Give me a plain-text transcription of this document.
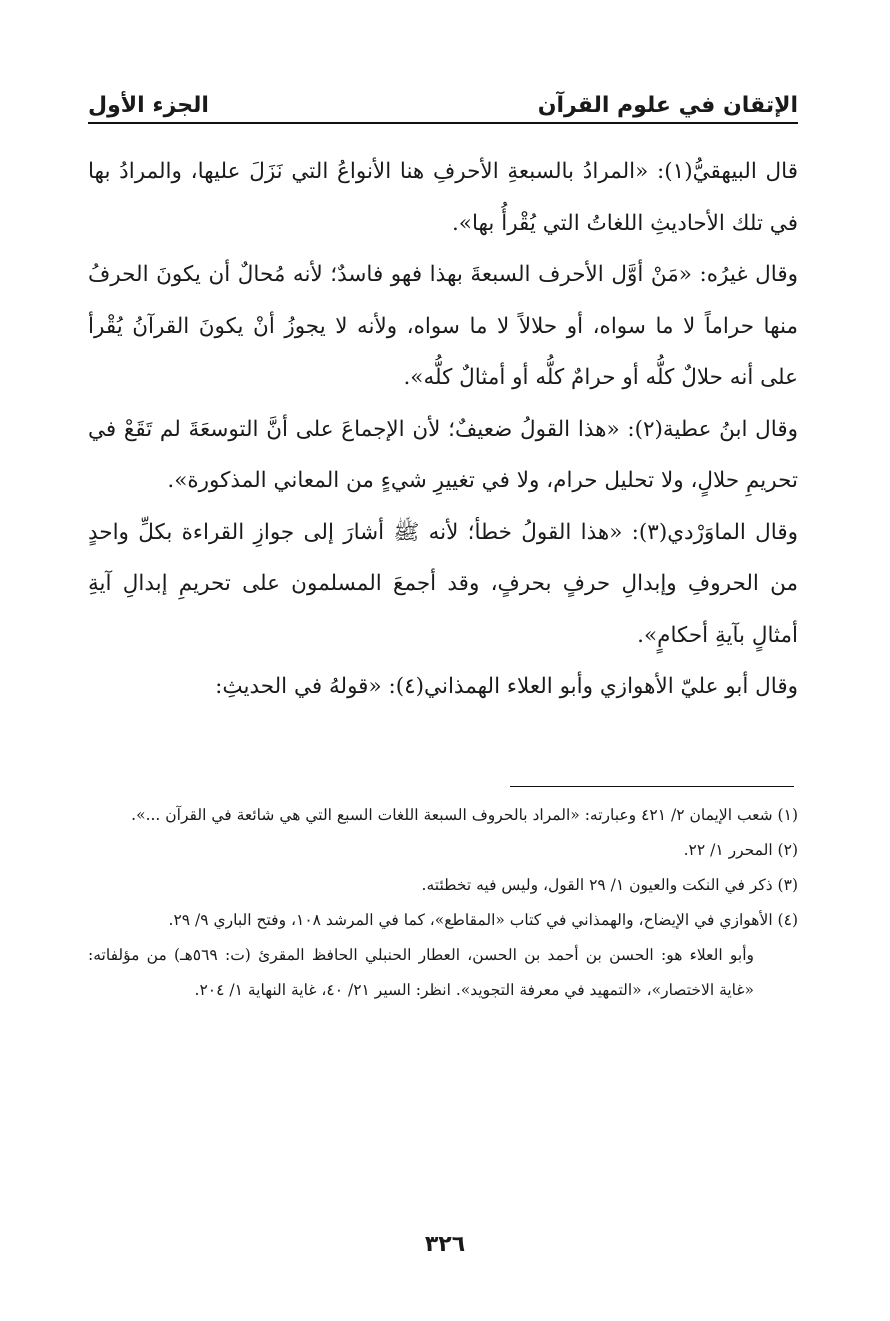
الإتقان في علوم القرآن
الجزء الأول

قال البيهقيُّ(١): «المرادُ بالسبعةِ الأحرفِ هنا الأنواعُ التي نَزَلَ عليها، والمرادُ بها في تلك الأحاديثِ اللغاتُ التي يُقْرأُ بها».

وقال غيرُه: «مَنْ أوَّل الأحرف السبعةَ بهذا فهو فاسدٌ؛ لأنه مُحالٌ أن يكونَ الحرفُ منها حراماً لا ما سواه، أو حلالاً لا ما سواه، ولأنه لا يجوزُ أنْ يكونَ القرآنُ يُقْرأ على أنه حلالٌ كلُّه أو حرامٌ كلُّه أو أمثالٌ كلُّه».

وقال ابنُ عطية(٢): «هذا القولُ ضعيفٌ؛ لأن الإجماعَ على أنَّ التوسعَةَ لم تَقَعْ في تحريمِ حلالٍ، ولا تحليل حرام، ولا في تغييرِ شيءٍ من المعاني المذكورة».

وقال الماوَرْدي(٣): «هذا القولُ خطأ؛ لأنه ﷺ أشارَ إلى جوازِ القراءة بكلِّ واحدٍ من الحروفِ وإبدالِ حرفٍ بحرفٍ، وقد أجمعَ المسلمون على تحريمِ إبدالِ آيةِ أمثالٍ بآيةِ أحكامٍ».

وقال أبو عليّ الأهوازي وأبو العلاء الهمذاني(٤): «قولهُ في الحديثِ:

(١) شعب الإيمان ٢/ ٤٢١ وعبارته: «المراد بالحروف السبعة اللغات السبع التي هي شائعة في القرآن ...».

(٢) المحرر ١/ ٢٢.

(٣) ذكر في النكت والعيون ١/ ٢٩ القول، وليس فيه تخطئته.

(٤) الأهوازي في الإيضاح، والهمذاني في كتاب «المقاطع»، كما في المرشد ١٠٨، وفتح الباري ٩/ ٢٩.

وأبو العلاء هو: الحسن بن أحمد بن الحسن، العطار الحنبلي الحافظ المقرئ (ت: ٥٦٩هـ) من مؤلفاته: «غاية الاختصار»، «التمهيد في معرفة التجويد». انظر: السير ٢١/ ٤٠، غاية النهاية ١/ ٢٠٤.

٣٢٦
